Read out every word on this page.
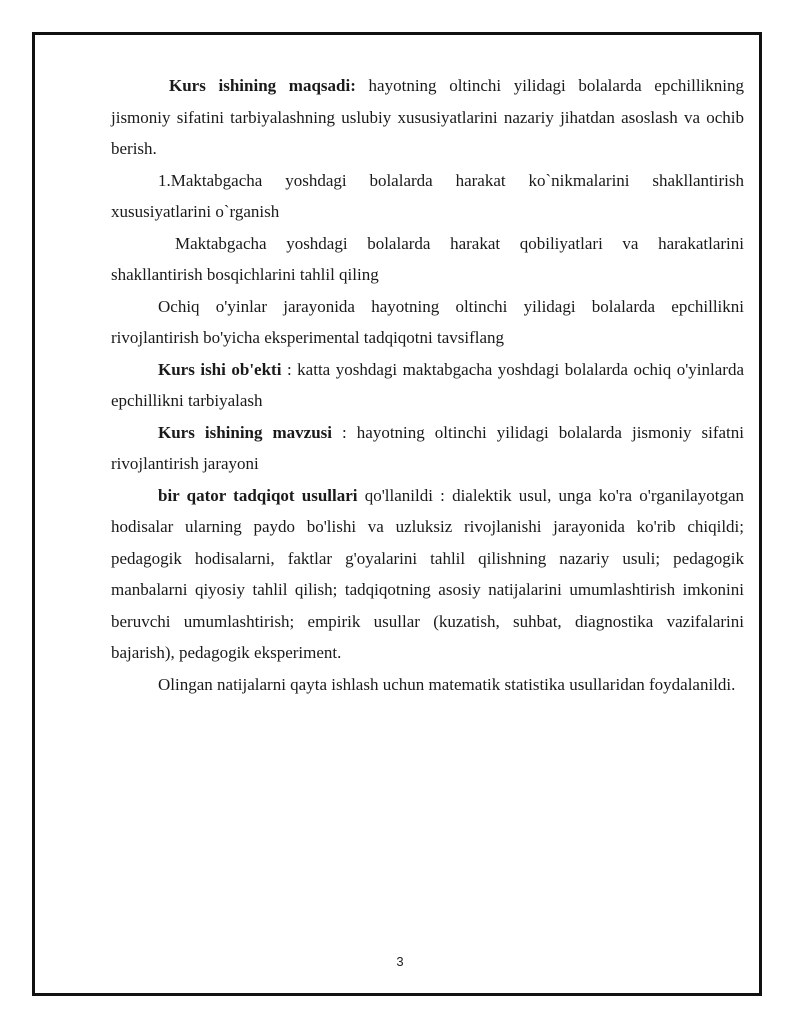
Kurs ishining maqsadi: hayotning oltinchi yilidagi bolalarda epchillikning jismoniy sifatini tarbiyalashning uslubiy xususiyatlarini nazariy jihatdan asoslash va ochib berish.

1.Maktabgacha yoshdagi bolalarda harakat ko`nikmalarini shakllantirish xususiyatlarini o`rganish

Maktabgacha yoshdagi bolalarda harakat qobiliyatlari va harakatlarini shakllantirish bosqichlarini tahlil qiling

Ochiq o'yinlar jarayonida hayotning oltinchi yilidagi bolalarda epchillikni rivojlantirish bo'yicha eksperimental tadqiqotni tavsiflang

Kurs ishi ob'ekti : katta yoshdagi maktabgacha yoshdagi bolalarda ochiq o'yinlarda epchillikni tarbiyalash

Kurs ishining mavzusi : hayotning oltinchi yilidagi bolalarda jismoniy sifatni rivojlantirish jarayoni

bir qator tadqiqot usullari qo'llanildi : dialektik usul, unga ko'ra o'rganilayotgan hodisalar ularning paydo bo'lishi va uzluksiz rivojlanishi jarayonida ko'rib chiqildi; pedagogik hodisalarni, faktlar g'oyalarini tahlil qilishning nazariy usuli; pedagogik manbalarni qiyosiy tahlil qilish; tadqiqotning asosiy natijalarini umumlashtirish imkonini beruvchi umumlashtirish; empirik usullar (kuzatish, suhbat, diagnostika vazifalarini bajarish), pedagogik eksperiment.

Olingan natijalarni qayta ishlash uchun matematik statistika usullaridan foydalanildi.

3
